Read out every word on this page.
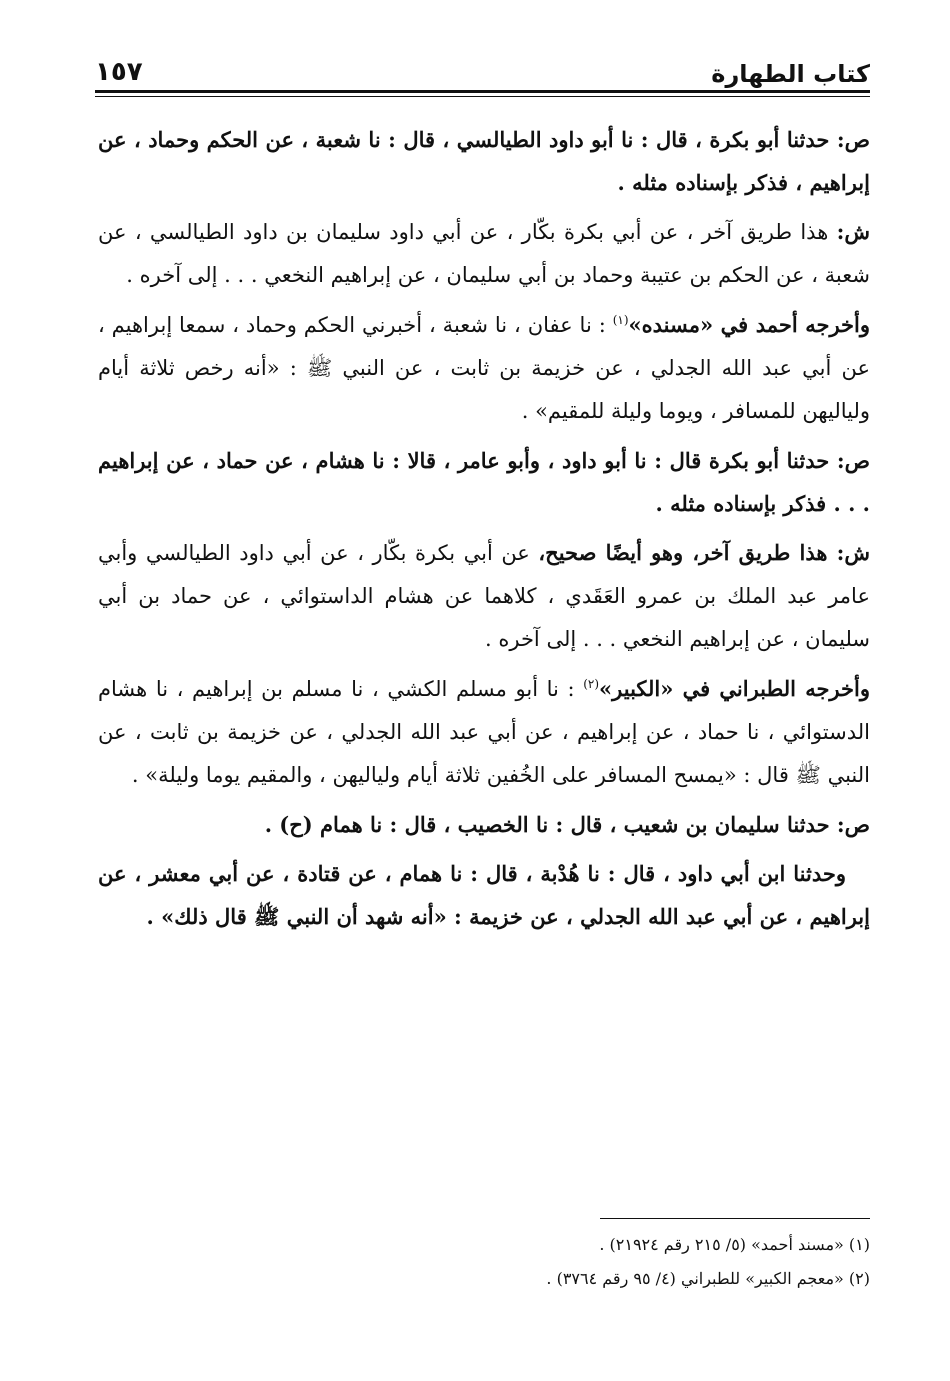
كتاب الطهارة
١٥٧

ص: حدثنا أبو بكرة ، قال : نا أبو داود الطيالسي ، قال : نا شعبة ، عن الحكم وحماد ، عن إبراهيم ، فذكر بإسناده مثله .

ش: هذا طريق آخر ، عن أبي بكرة بكّار ، عن أبي داود سليمان بن داود الطيالسي ، عن شعبة ، عن الحكم بن عتيبة وحماد بن أبي سليمان ، عن إبراهيم النخعي . . . إلى آخره .

وأخرجه أحمد في «مسنده»$^{(١)}$ : نا عفان ، نا شعبة ، أخبرني الحكم وحماد ، سمعا إبراهيم ، عن أبي عبد الله الجدلي ، عن خزيمة بن ثابت ، عن النبي ﷺ : «أنه رخص ثلاثة أيام ولياليهن للمسافر ، ويوما وليلة للمقيم» .

ص: حدثنا أبو بكرة قال : نا أبو داود ، وأبو عامر ، قالا : نا هشام ، عن حماد ، عن إبراهيم . . . فذكر بإسناده مثله .

ش: هذا طريق آخر، وهو أيضًا صحيح، عن أبي بكرة بكّار ، عن أبي داود الطيالسي وأبي عامر عبد الملك بن عمرو العَقَدي ، كلاهما عن هشام الداستوائي ، عن حماد بن أبي سليمان ، عن إبراهيم النخعي . . . إلى آخره .

وأخرجه الطبراني في «الكبير»$^{(٢)}$ : نا أبو مسلم الكشي ، نا مسلم بن إبراهيم ، نا هشام الدستوائي ، نا حماد ، عن إبراهيم ، عن أبي عبد الله الجدلي ، عن خزيمة بن ثابت ، عن النبي ﷺ قال : «يمسح المسافر على الخُفين ثلاثة أيام ولياليهن ، والمقيم يوما وليلة» .

ص: حدثنا سليمان بن شعيب ، قال : نا الخصيب ، قال : نا همام (ح) .

وحدثنا ابن أبي داود ، قال : نا هُدْبة ، قال : نا همام ، عن قتادة ، عن أبي معشر ، عن إبراهيم ، عن أبي عبد الله الجدلي ، عن خزيمة : «أنه شهد أن النبي ﷺ قال ذلك» .

(١) «مسند أحمد» (٥/ ٢١٥ رقم ٢١٩٢٤) .
(٢) «معجم الكبير» للطبراني (٤/ ٩٥ رقم ٣٧٦٤) .
